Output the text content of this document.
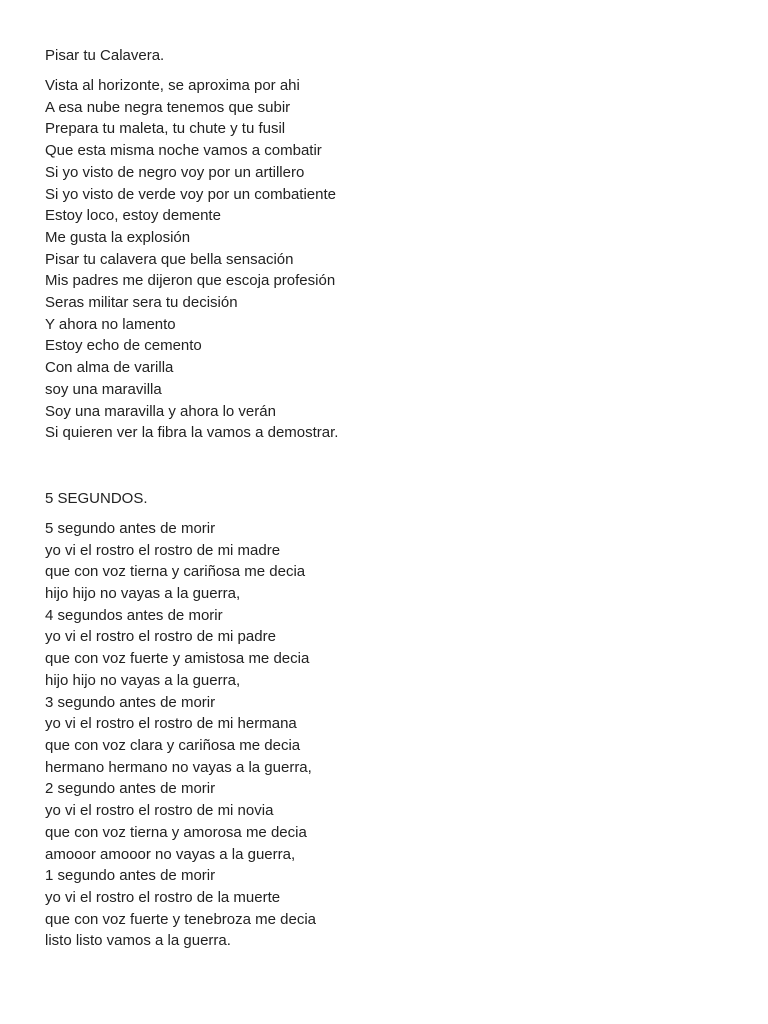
Pisar tu Calavera.
Vista al horizonte, se aproxima por ahi
A esa nube negra tenemos que subir
Prepara tu maleta, tu chute y tu fusil
Que esta misma noche vamos a combatir
Si yo visto de negro voy por un artillero
Si yo visto de verde voy por un combatiente
Estoy loco, estoy demente
Me gusta la explosión
Pisar tu calavera que bella sensación
Mis padres me dijeron que escoja profesión
Seras militar sera tu decisión
Y ahora no lamento
Estoy echo de cemento
Con alma de varilla
soy una maravilla
Soy una maravilla y ahora lo verán
Si quieren ver la fibra la vamos a demostrar.
5 SEGUNDOS.
5 segundo antes de morir
yo vi el rostro el rostro de mi madre
que con voz tierna y cariñosa me decia
hijo hijo no vayas a la guerra,
4 segundos antes de morir
yo vi el rostro el rostro de mi padre
que con voz fuerte y amistosa me decia
hijo hijo no vayas a la guerra,
3 segundo antes de morir
yo vi el rostro el rostro de mi hermana
que con voz clara y cariñosa me decia
hermano hermano no vayas a la guerra,
2 segundo antes de morir
yo vi el rostro el rostro de mi novia
que con voz tierna y amorosa me decia
amooor amooor no vayas a la guerra,
1 segundo antes de morir
yo vi el rostro el rostro de la muerte
que con voz fuerte y tenebroza me decia
listo listo vamos a la guerra.
